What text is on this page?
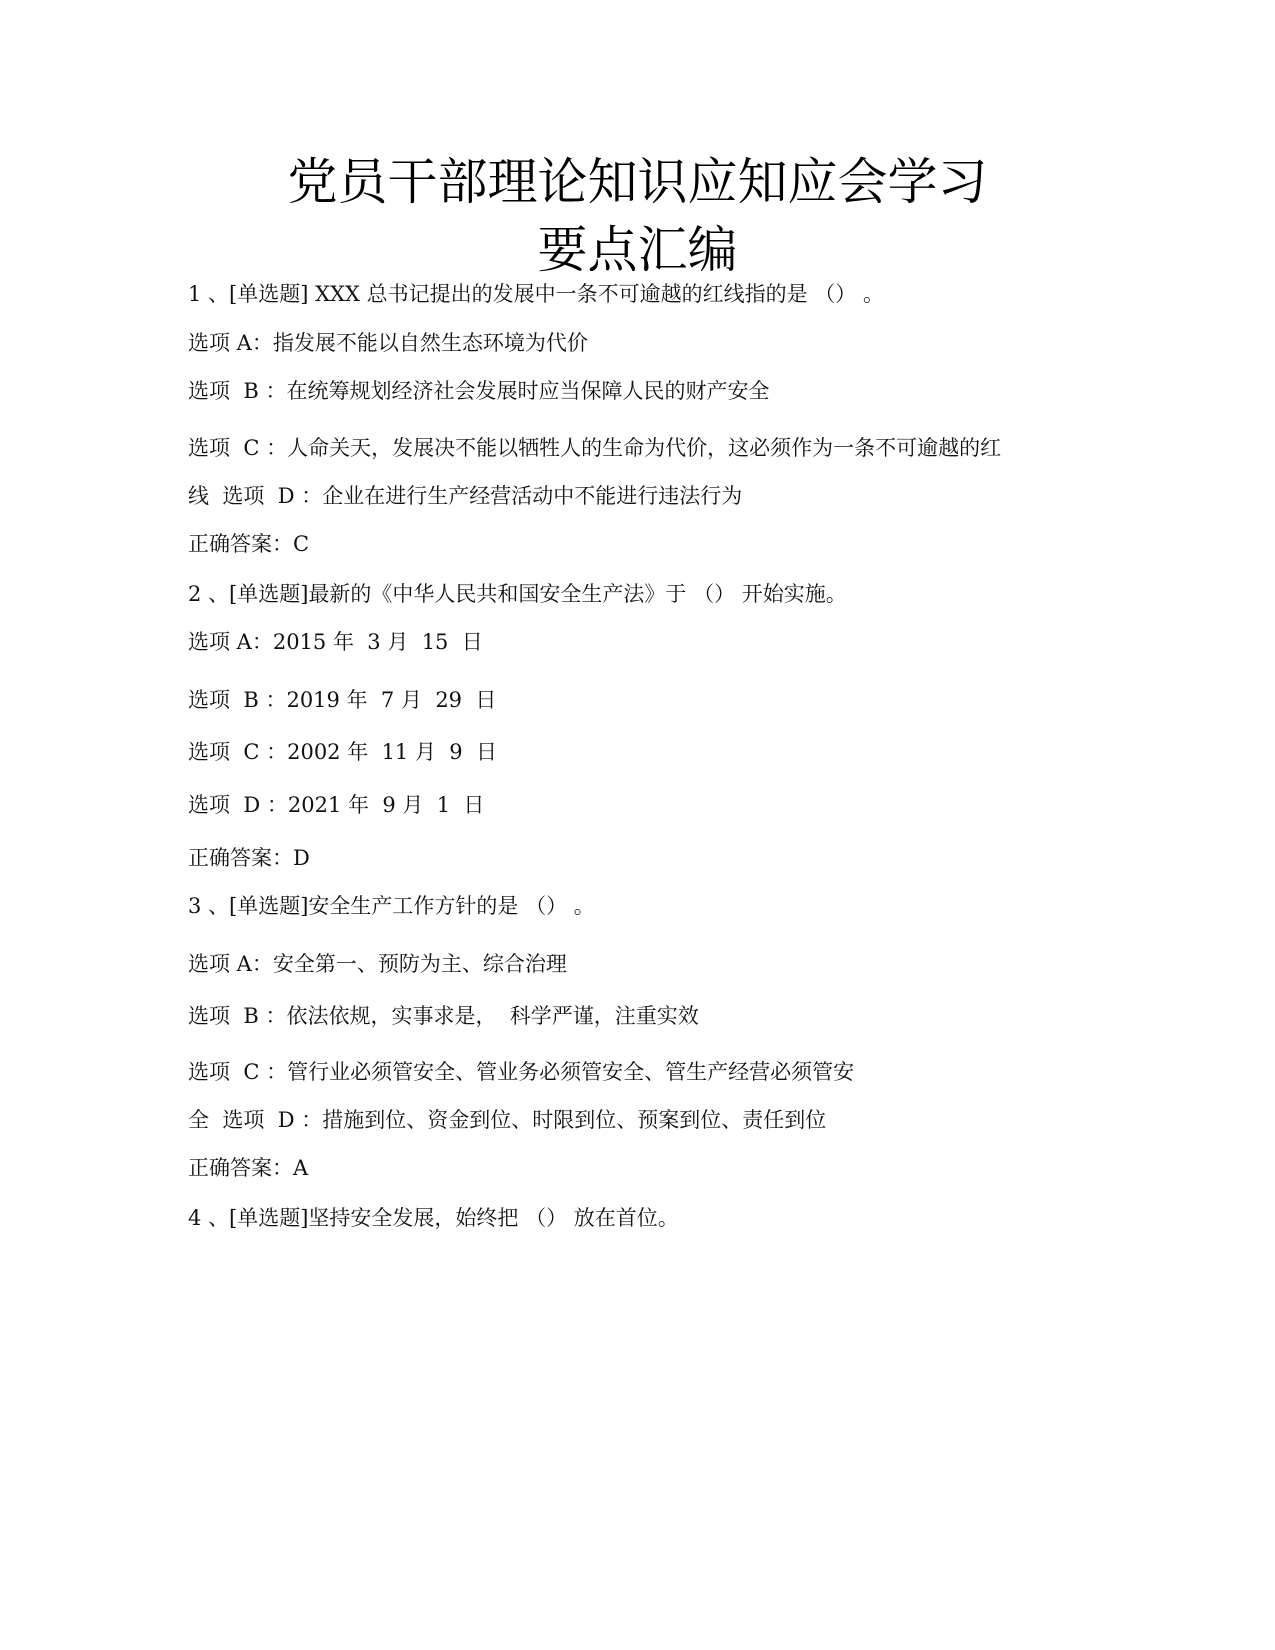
党员干部理论知识应知应会学习
要点汇编
1 、[单选题] XXX 总书记提出的发展中一条不可逾越的红线指的是 （） 。
选项 A：指发展不能以自然生态环境为代价
选项  B ：在统筹规划经济社会发展时应当保障人民的财产安全
选项  C ：人命关天，发展决不能以牺牲人的生命为代价，这必须作为一条不可逾越的红
线  选项  D ：企业在进行生产经营活动中不能进行违法行为
正确答案：C
2 、[单选题]最新的《中华人民共和国安全生产法》于 （） 开始实施。
选项 A：2015 年  3 月  15  日
选项  B ：2019 年  7 月  29  日
选项  C ：2002 年  11 月  9  日
选项  D ：2021 年  9 月  1  日
正确答案：D
3 、[单选题]安全生产工作方针的是 （） 。
选项 A：安全第一、预防为主、综合治理
选项  B ：依法依规，实事求是，  科学严谨，注重实效
选项  C ：管行业必须管安全、管业务必须管安全、管生产经营必须管安
全  选项  D ：措施到位、资金到位、时限到位、预案到位、责任到位
正确答案：A
4 、[单选题]坚持安全发展，始终把 （） 放在首位。
